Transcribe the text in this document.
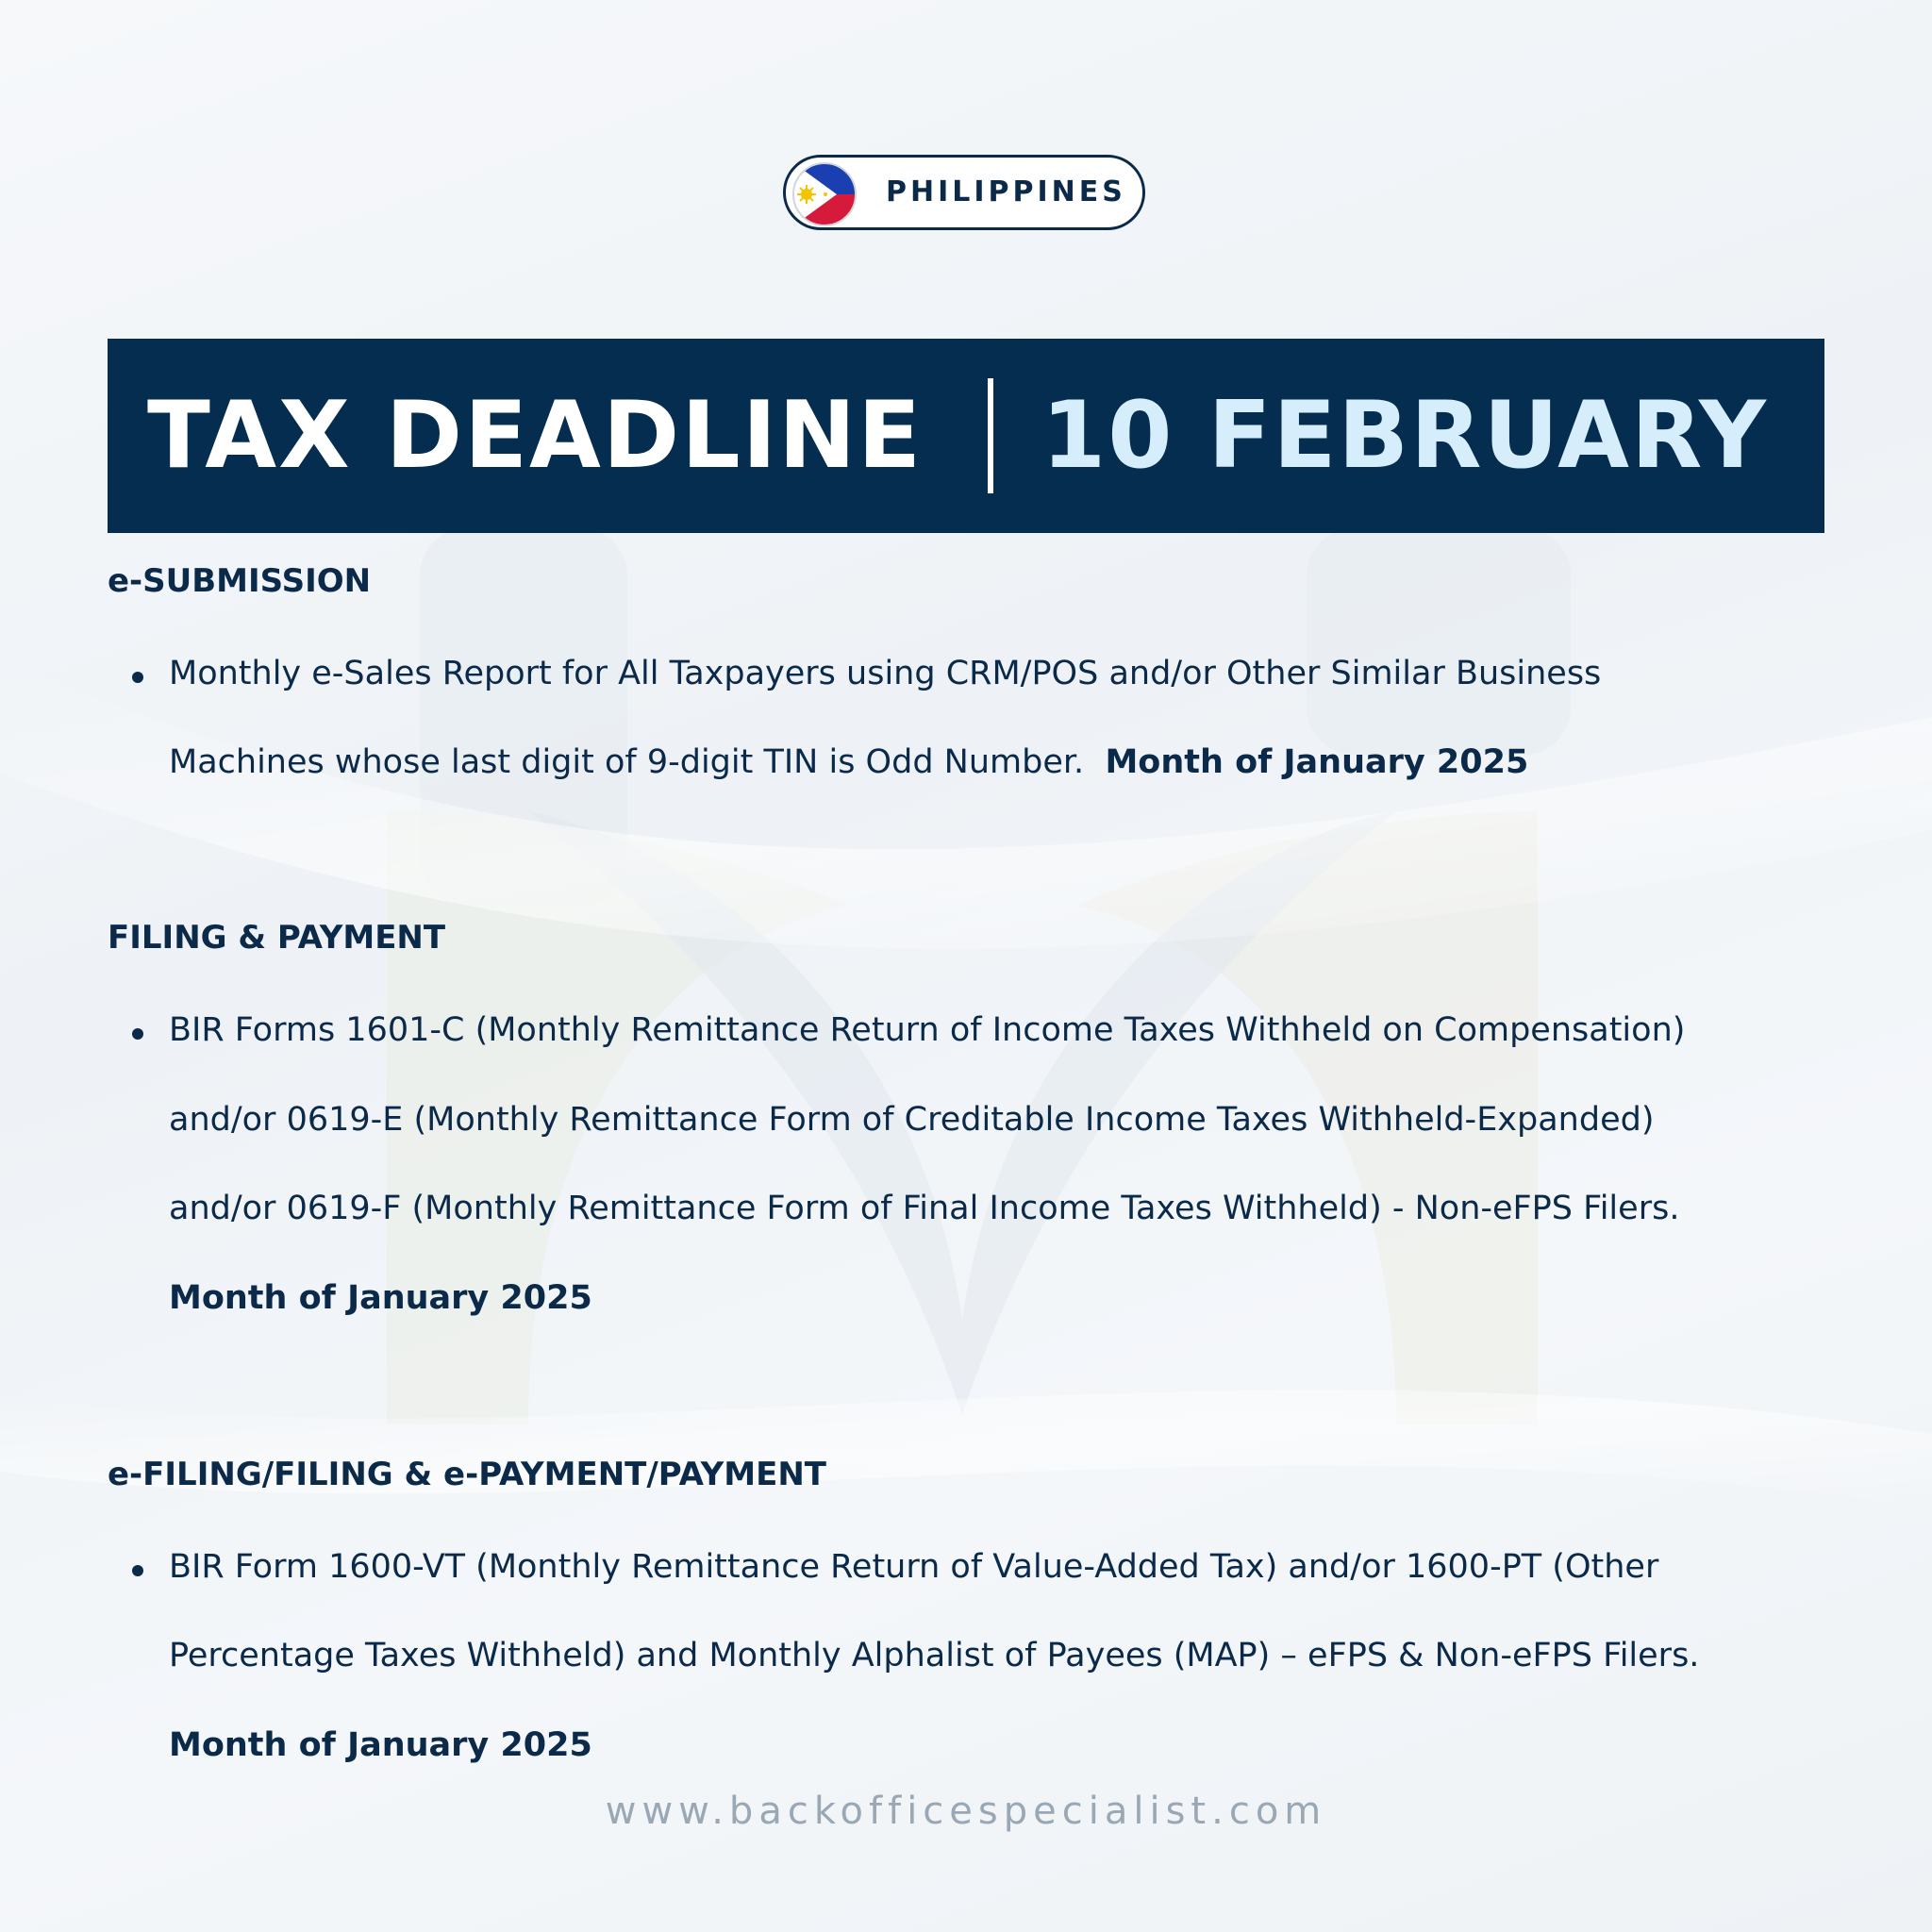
PHILIPPINES
TAX DEADLINE 10 FEBRUARY
e-SUBMISSION
Monthly e-Sales Report for All Taxpayers using CRM/POS and/or Other Similar Business
Machines whose last digit of 9-digit TIN is Odd Number. Month of January 2025
FILING & PAYMENT
BIR Forms 1601-C (Monthly Remittance Return of Income Taxes Withheld on Compensation)
and/or 0619-E (Monthly Remittance Form of Creditable Income Taxes Withheld-Expanded)
and/or 0619-F (Monthly Remittance Form of Final Income Taxes Withheld) - Non-eFPS Filers.
Month of January 2025
e-FILING/FILING & e-PAYMENT/PAYMENT
BIR Form 1600-VT (Monthly Remittance Return of Value-Added Tax) and/or 1600-PT (Other
Percentage Taxes Withheld) and Monthly Alphalist of Payees (MAP) – eFPS & Non-eFPS Filers.
Month of January 2025
www.backofficespecialist.com
